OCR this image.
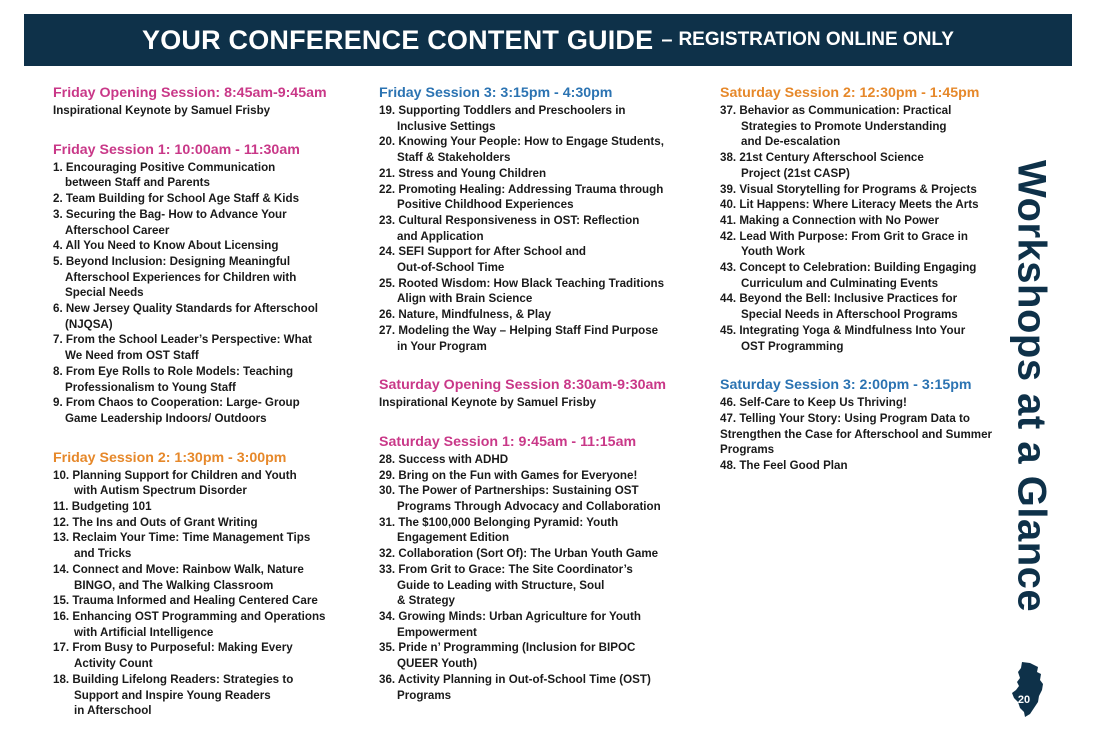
YOUR CONFERENCE CONTENT GUIDE – REGISTRATION ONLINE ONLY
Friday Opening Session: 8:45am-9:45am
Inspirational Keynote by Samuel Frisby
Friday Session 1: 10:00am - 11:30am
1. Encouraging Positive Communication
between Staff and Parents
2. Team Building for School Age Staff & Kids
3. Securing the Bag- How to Advance Your
Afterschool Career
4. All You Need to Know About Licensing
5. Beyond Inclusion: Designing Meaningful
Afterschool Experiences for Children with
Special Needs
6. New Jersey Quality Standards for Afterschool
(NJQSA)
7. From the School Leader’s Perspective: What
We Need from OST Staff
8. From Eye Rolls to Role Models: Teaching
Professionalism to Young Staff
9. From Chaos to Cooperation: Large- Group
Game Leadership Indoors/ Outdoors
Friday Session 2: 1:30pm - 3:00pm
10. Planning Support for Children and Youth
with Autism Spectrum Disorder
11. Budgeting 101
12. The Ins and Outs of Grant Writing
13. Reclaim Your Time: Time Management Tips
and Tricks
14. Connect and Move: Rainbow Walk, Nature
BINGO, and The Walking Classroom
15. Trauma Informed and Healing Centered Care
16. Enhancing OST Programming and Operations
with Artificial Intelligence
17. From Busy to Purposeful: Making Every
Activity Count
18. Building Lifelong Readers: Strategies to
Support and Inspire Young Readers
in Afterschool
Friday Session 3: 3:15pm - 4:30pm
19. Supporting Toddlers and Preschoolers in
Inclusive Settings
20. Knowing Your People: How to Engage Students,
Staff & Stakeholders
21. Stress and Young Children
22. Promoting Healing: Addressing Trauma through
Positive Childhood Experiences
23. Cultural Responsiveness in OST: Reflection
and Application
24. SEFI Support for After School and
Out-of-School Time
25. Rooted Wisdom: How Black Teaching Traditions
Align with Brain Science
26. Nature, Mindfulness, & Play
27. Modeling the Way – Helping Staff Find Purpose
in Your Program
Saturday Opening Session 8:30am-9:30am
Inspirational Keynote by Samuel Frisby
Saturday Session 1: 9:45am - 11:15am
28. Success with ADHD
29. Bring on the Fun with Games for Everyone!
30. The Power of Partnerships: Sustaining OST
Programs Through Advocacy and Collaboration
31. The $100,000 Belonging Pyramid: Youth
Engagement Edition
32. Collaboration (Sort Of): The Urban Youth Game
33. From Grit to Grace: The Site Coordinator’s
Guide to Leading with Structure, Soul
& Strategy
34. Growing Minds: Urban Agriculture for Youth
Empowerment
35. Pride n’ Programming (Inclusion for BIPOC
QUEER Youth)
36. Activity Planning in Out-of-School Time (OST)
Programs
Saturday Session 2: 12:30pm - 1:45pm
37. Behavior as Communication: Practical
Strategies to Promote Understanding
and De-escalation
38. 21st Century Afterschool Science
Project (21st CASP)
39. Visual Storytelling for Programs & Projects
40. Lit Happens: Where Literacy Meets the Arts
41. Making a Connection with No Power
42. Lead With Purpose: From Grit to Grace in
Youth Work
43. Concept to Celebration: Building Engaging
Curriculum and Culminating Events
44. Beyond the Bell: Inclusive Practices for
Special Needs in Afterschool Programs
45. Integrating Yoga & Mindfulness Into Your
OST Programming
Saturday Session 3: 2:00pm - 3:15pm
46. Self-Care to Keep Us Thriving!
47. Telling Your Story: Using Program Data to
Strengthen the Case for Afterschool and Summer
Programs
48. The Feel Good Plan	Workshops at a Glance
20
